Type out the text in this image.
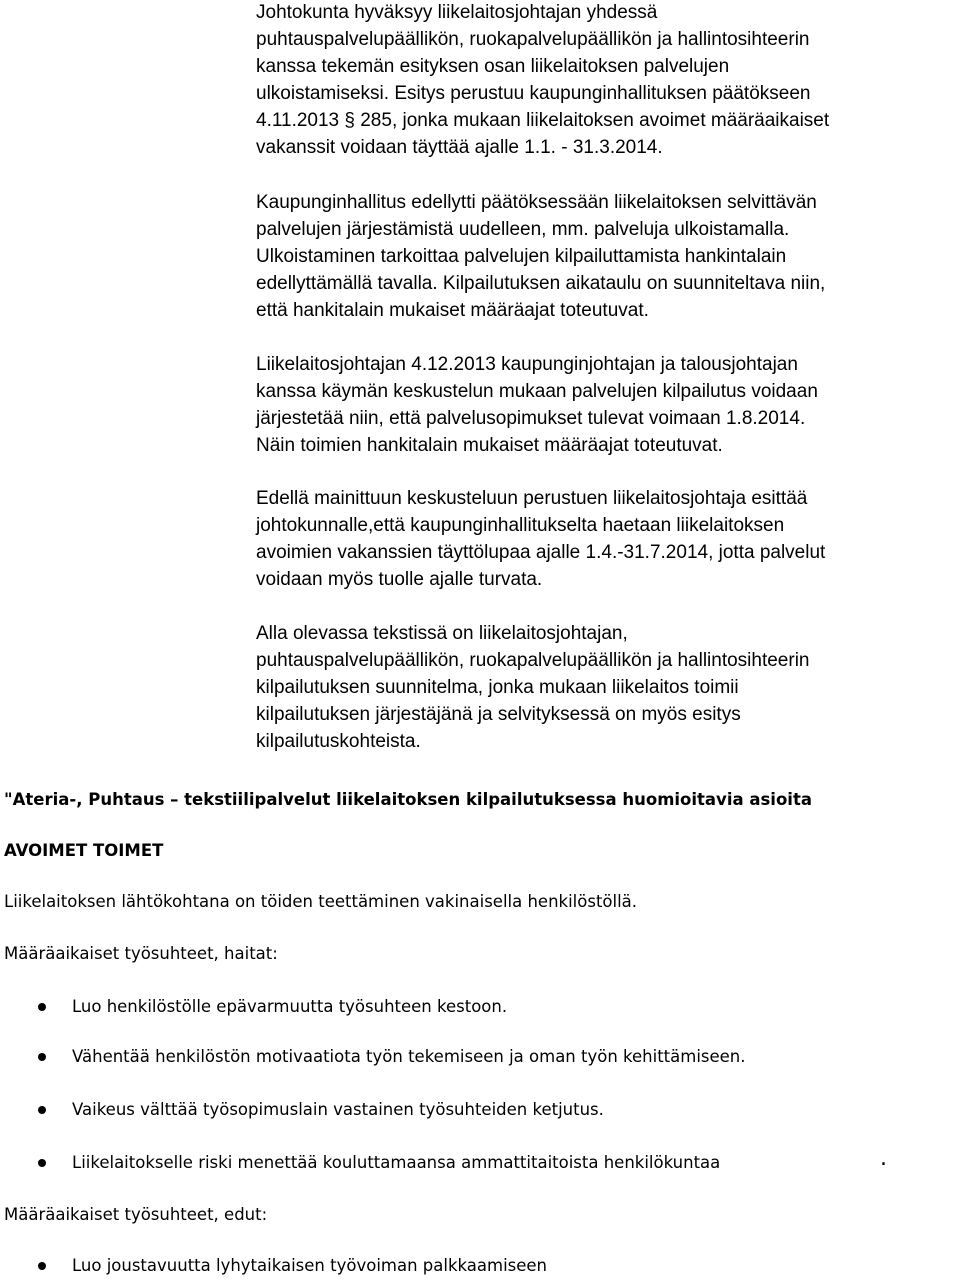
Johtokunta hyväksyy liikelaitosjohtajan yhdessä
puhtauspalvelupäällikön, ruokapalvelupäällikön ja hallintosihteerin
kanssa tekemän esityksen osan liikelaitoksen palvelujen
ulkoistamiseksi. Esitys perustuu kaupunginhallituksen päätökseen
4.11.2013 § 285, jonka mukaan liikelaitoksen avoimet määräaikaiset
vakanssit voidaan täyttää ajalle 1.1. - 31.3.2014.
Kaupunginhallitus edellytti päätöksessään liikelaitoksen selvittävän
palvelujen järjestämistä uudelleen, mm. palveluja ulkoistamalla.
Ulkoistaminen tarkoittaa palvelujen kilpailuttamista hankintalain
edellyttämällä tavalla. Kilpailutuksen aikataulu on suunniteltava niin,
että hankitalain mukaiset määräajat toteutuvat.
Liikelaitosjohtajan 4.12.2013 kaupunginjohtajan ja talousjohtajan
kanssa käymän keskustelun mukaan palvelujen kilpailutus voidaan
järjestetää niin, että palvelusopimukset tulevat voimaan 1.8.2014.
Näin toimien hankitalain mukaiset määräajat toteutuvat.
Edellä mainittuun keskusteluun perustuen liikelaitosjohtaja esittää
johtokunnalle,että kaupunginhallitukselta haetaan liikelaitoksen
avoimien vakanssien täyttölupaa ajalle 1.4.-31.7.2014, jotta palvelut
voidaan myös tuolle ajalle turvata.
Alla olevassa tekstissä on liikelaitosjohtajan,
puhtauspalvelupäällikön, ruokapalvelupäällikön ja hallintosihteerin
kilpailutuksen suunnitelma, jonka mukaan liikelaitos toimii
kilpailutuksen järjestäjänä ja selvityksessä on myös esitys
kilpailutuskohteista.
"Ateria-, Puhtaus – tekstiilipalvelut liikelaitoksen kilpailutuksessa huomioitavia asioita
AVOIMET TOIMET
Liikelaitoksen lähtökohtana on töiden teettäminen vakinaisella henkilöstöllä.
Määräaikaiset työsuhteet, haitat:
Luo henkilöstölle epävarmuutta työsuhteen kestoon.
Vähentää henkilöstön motivaatiota työn tekemiseen ja oman työn kehittämiseen.
Vaikeus välttää työsopimuslain vastainen työsuhteiden ketjutus.
Liikelaitokselle riski menettää kouluttamaansa ammattitaitoista henkilökuntaa	.
Määräaikaiset työsuhteet, edut:
Luo joustavuutta lyhytaikaisen työvoiman palkkaamiseen
